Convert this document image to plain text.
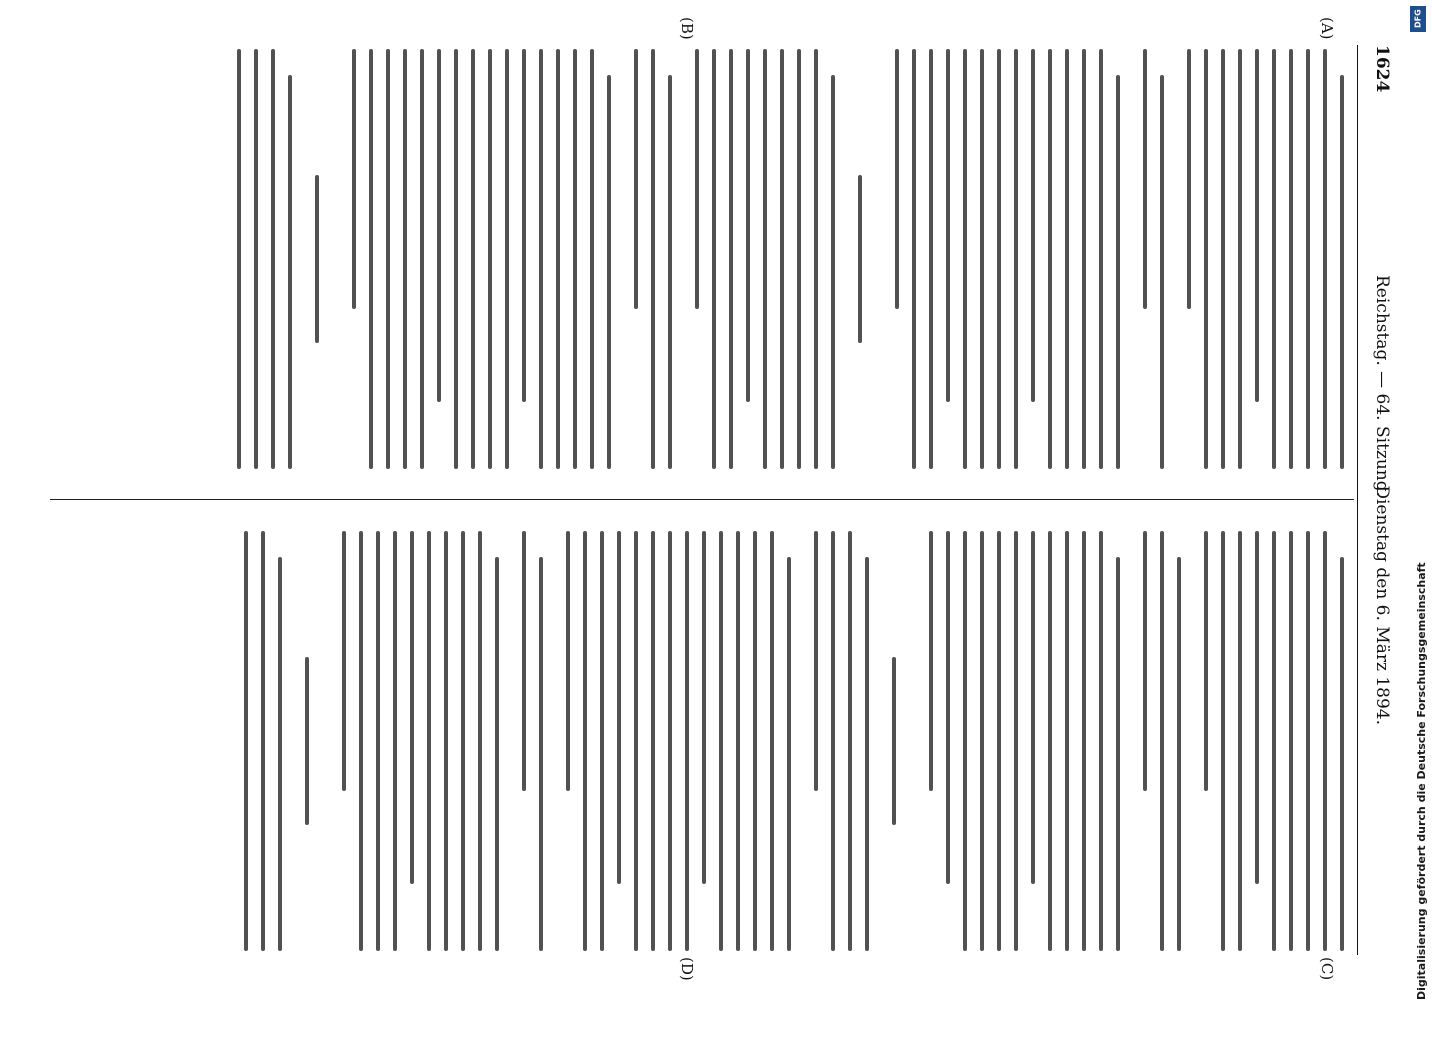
1624
Reichstag. — 64. Sitzung.
Dienstag den 6. März 1894.
(A)
(B)
(C)
(D)
DFG
Digitalisierung gefördert durch die Deutsche Forschungsgemeinschaft
